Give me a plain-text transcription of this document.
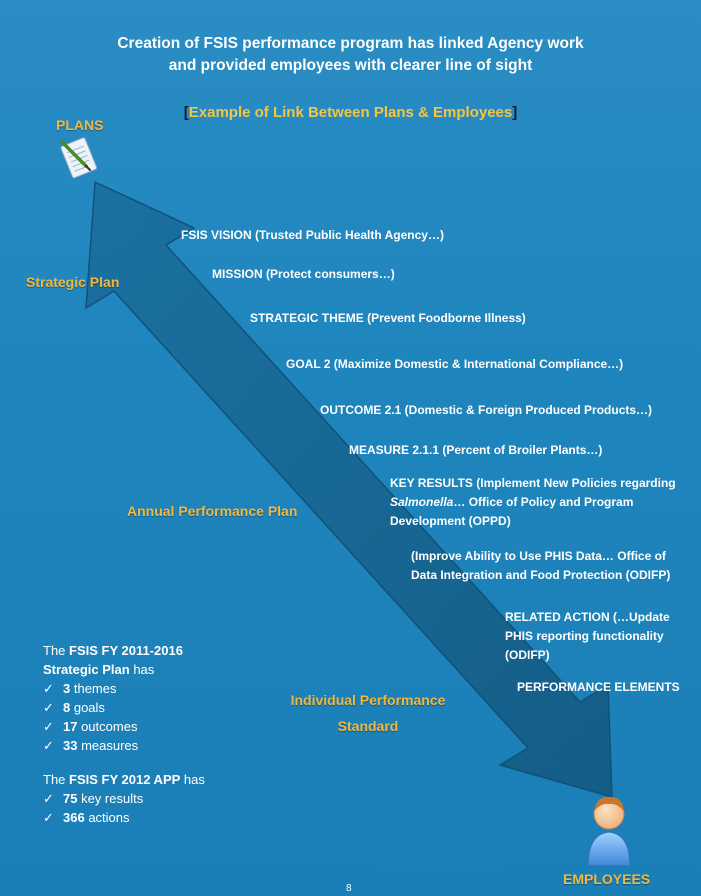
Creation of FSIS performance program has linked Agency work
and provided employees with clearer line of sight
[Example of Link Between Plans & Employees]
PLANS
Strategic Plan
Annual Performance Plan
Individual Performance
Standard
FSIS VISION (Trusted Public Health Agency…)
MISSION (Protect consumers…)
STRATEGIC THEME (Prevent Foodborne Illness)
GOAL 2 (Maximize Domestic & International Compliance…)
OUTCOME 2.1 (Domestic & Foreign Produced Products…)
MEASURE 2.1.1 (Percent of Broiler Plants…)
KEY RESULTS (Implement New Policies regarding
Salmonella… Office of Policy and Program
Development (OPPD)
(Improve Ability to Use PHIS Data… Office of
Data Integration and Food Protection (ODIFP)
RELATED ACTION (…Update
PHIS reporting functionality
(ODIFP)
PERFORMANCE ELEMENTS
The FSIS FY 2011-2016
Strategic Plan has
✓ 3 themes
✓ 8 goals
✓ 17 outcomes
✓ 33 measures
The FSIS FY 2012 APP has
✓ 75 key results
✓ 366 actions
EMPLOYEES
8
